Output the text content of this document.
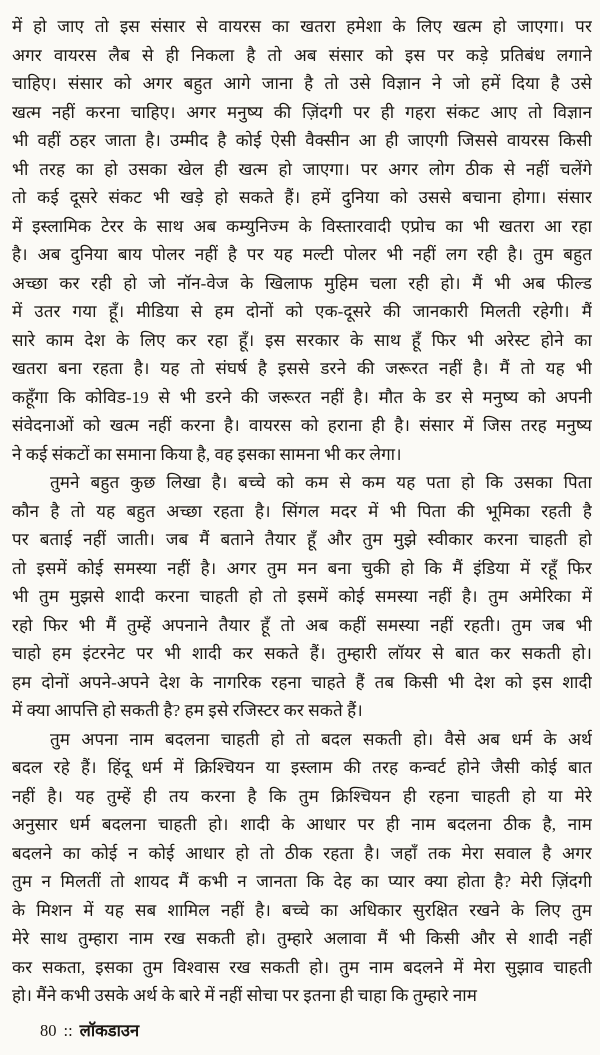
में हो जाए तो इस संसार से वायरस का खतरा हमेशा के लिए खत्म हो जाएगा। पर
अगर वायरस लैब से ही निकला है तो अब संसार को इस पर कड़े प्रतिबंध लगाने
चाहिए। संसार को अगर बहुत आगे जाना है तो उसे विज्ञान ने जो हमें दिया है उसे
खत्म नहीं करना चाहिए। अगर मनुष्य की ज़िंदगी पर ही गहरा संकट आए तो विज्ञान
भी वहीं ठहर जाता है। उम्मीद है कोई ऐसी वैक्सीन आ ही जाएगी जिससे वायरस किसी
भी तरह का हो उसका खेल ही खत्म हो जाएगा। पर अगर लोग ठीक से नहीं चलेंगे
तो कई दूसरे संकट भी खड़े हो सकते हैं। हमें दुनिया को उससे बचाना होगा। संसार
में इस्लामिक टेरर के साथ अब कम्युनिज्म के विस्तारवादी एप्रोच का भी खतरा आ रहा
है। अब दुनिया बाय पोलर नहीं है पर यह मल्टी पोलर भी नहीं लग रही है। तुम बहुत
अच्छा कर रही हो जो नॉन-वेज के खिलाफ मुहिम चला रही हो। मैं भी अब फील्ड
में उतर गया हूँ। मीडिया से हम दोनों को एक-दूसरे की जानकारी मिलती रहेगी। मैं
सारे काम देश के लिए कर रहा हूँ। इस सरकार के साथ हूँ फिर भी अरेस्ट होने का
खतरा बना रहता है। यह तो संघर्ष है इससे डरने की जरूरत नहीं है। मैं तो यह भी
कहूँगा कि कोविड-19 से भी डरने की जरूरत नहीं है। मौत के डर से मनुष्य को अपनी
संवेदनाओं को खत्म नहीं करना है। वायरस को हराना ही है। संसार में जिस तरह मनुष्य
ने कई संकटों का समाना किया है, वह इसका सामना भी कर लेगा।
तुमने बहुत कुछ लिखा है। बच्चे को कम से कम यह पता हो कि उसका पिता
कौन है तो यह बहुत अच्छा रहता है। सिंगल मदर में भी पिता की भूमिका रहती है
पर बताई नहीं जाती। जब मैं बताने तैयार हूँ और तुम मुझे स्वीकार करना चाहती हो
तो इसमें कोई समस्या नहीं है। अगर तुम मन बना चुकी हो कि मैं इंडिया में रहूँ फिर
भी तुम मुझसे शादी करना चाहती हो तो इसमें कोई समस्या नहीं है। तुम अमेरिका में
रहो फिर भी मैं तुम्हें अपनाने तैयार हूँ तो अब कहीं समस्या नहीं रहती। तुम जब भी
चाहो हम इंटरनेट पर भी शादी कर सकते हैं। तुम्हारी लॉयर से बात कर सकती हो।
हम दोनों अपने-अपने देश के नागरिक रहना चाहते हैं तब किसी भी देश को इस शादी
में क्या आपत्ति हो सकती है? हम इसे रजिस्टर कर सकते हैं।
तुम अपना नाम बदलना चाहती हो तो बदल सकती हो। वैसे अब धर्म के अर्थ
बदल रहे हैं। हिंदू धर्म में क्रिश्चियन या इस्लाम की तरह कन्वर्ट होने जैसी कोई बात
नहीं है। यह तुम्हें ही तय करना है कि तुम क्रिश्चियन ही रहना चाहती हो या मेरे
अनुसार धर्म बदलना चाहती हो। शादी के आधार पर ही नाम बदलना ठीक है, नाम
बदलने का कोई न कोई आधार हो तो ठीक रहता है। जहाँ तक मेरा सवाल है अगर
तुम न मिलतीं तो शायद मैं कभी न जानता कि देह का प्यार क्या होता है? मेरी ज़िंदगी
के मिशन में यह सब शामिल नहीं है। बच्चे का अधिकार सुरक्षित रखने के लिए तुम
मेरे साथ तुम्हारा नाम रख सकती हो। तुम्हारे अलावा मैं भी किसी और से शादी नहीं
कर सकता, इसका तुम विश्वास रख सकती हो। तुम नाम बदलने में मेरा सुझाव चाहती
हो। मैंने कभी उसके अर्थ के बारे में नहीं सोचा पर इतना ही चाहा कि तुम्हारे नाम
80 :: लॉकडाउन
